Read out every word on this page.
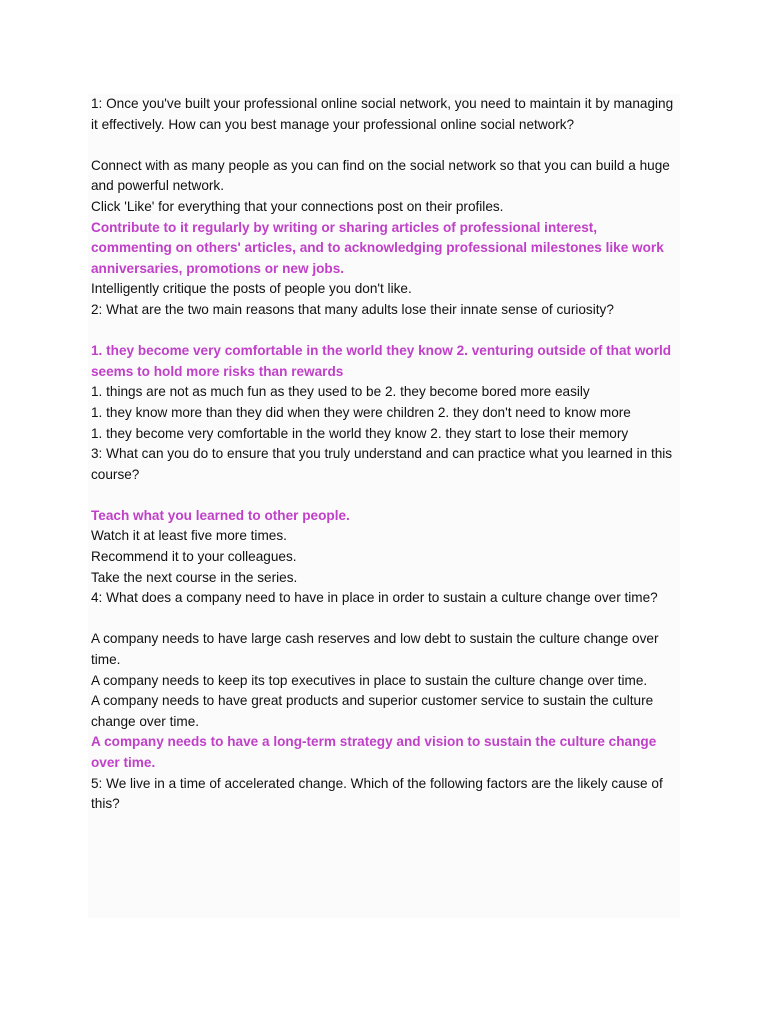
1: Once you've built your professional online social network, you need to maintain it by managing it effectively. How can you best manage your professional online social network?

Connect with as many people as you can find on the social network so that you can build a huge and powerful network.

Click 'Like' for everything that your connections post on their profiles.

Contribute to it regularly by writing or sharing articles of professional interest, commenting on others' articles, and to acknowledging professional milestones like work anniversaries, promotions or new jobs.

Intelligently critique the posts of people you don't like.

2: What are the two main reasons that many adults lose their innate sense of curiosity?

1. they become very comfortable in the world they know 2. venturing outside of that world seems to hold more risks than rewards

1. things are not as much fun as they used to be 2. they become bored more easily

1. they know more than they did when they were children 2. they don't need to know more

1. they become very comfortable in the world they know 2. they start to lose their memory

3: What can you do to ensure that you truly understand and can practice what you learned in this course?

Teach what you learned to other people.

Watch it at least five more times.

Recommend it to your colleagues.

Take the next course in the series.

4: What does a company need to have in place in order to sustain a culture change over time?

A company needs to have large cash reserves and low debt to sustain the culture change over time.

A company needs to keep its top executives in place to sustain the culture change over time.

A company needs to have great products and superior customer service to sustain the culture change over time.

A company needs to have a long-term strategy and vision to sustain the culture change over time.

5: We live in a time of accelerated change. Which of the following factors are the likely cause of this?
